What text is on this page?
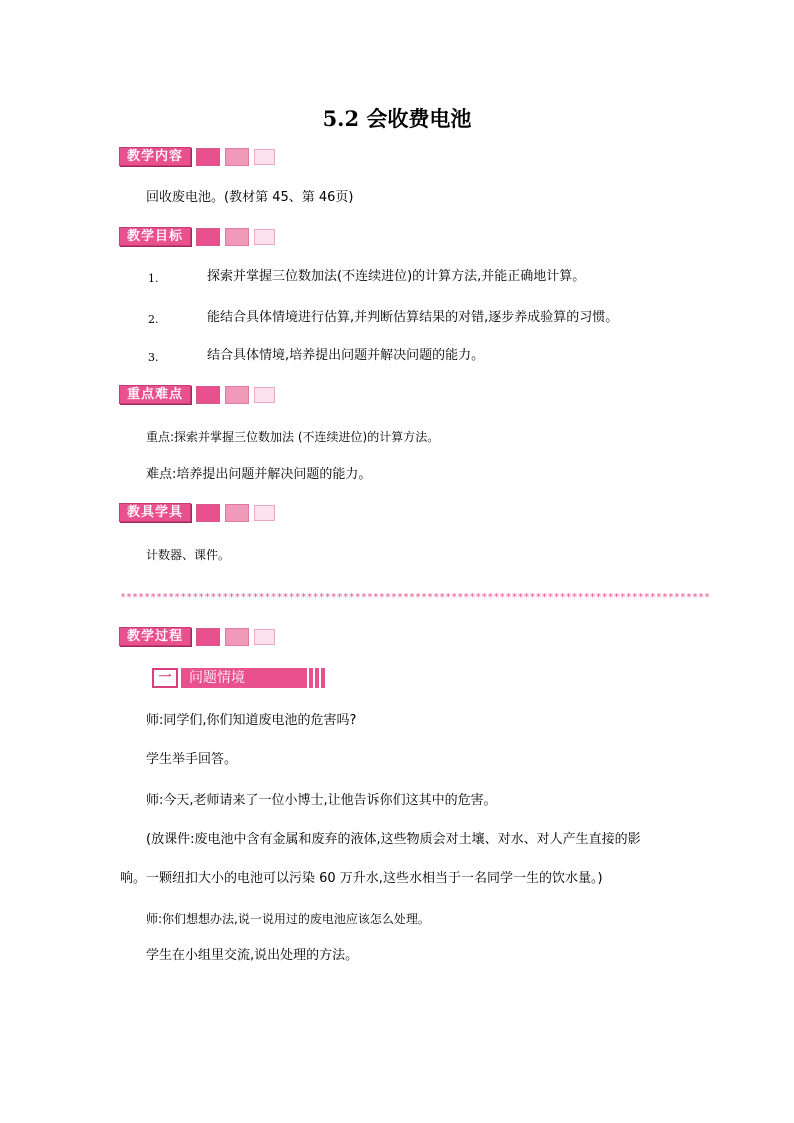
5.2 会收费电池
教学内容
回收废电池。(教材第 45、第 46页)
教学目标
1.	探索并掌握三位数加法(不连续进位)的计算方法,并能正确地计算。
2.	能结合具体情境进行估算,并判断估算结果的对错,逐步养成验算的习惯。
3.	结合具体情境,培养提出问题并解决问题的能力。
重点难点
重点:探索并掌握三位数加法 (不连续进位)的计算方法。
难点:培养提出问题并解决问题的能力。
教具学具
计数器、课件。
**************************************************************************************************
教学过程
一	问题情境
师:同学们,你们知道废电池的危害吗?
学生举手回答。
师:今天,老师请来了一位小博士,让他告诉你们这其中的危害。
(放课件:废电池中含有金属和废弃的液体,这些物质会对土壤、对水、对人产生直接的影
响。一颗纽扣大小的电池可以污染 60 万升水,这些水相当于一名同学一生的饮水量。)
师:你们想想办法,说一说用过的废电池应该怎么处理。
学生在小组里交流,说出处理的方法。
